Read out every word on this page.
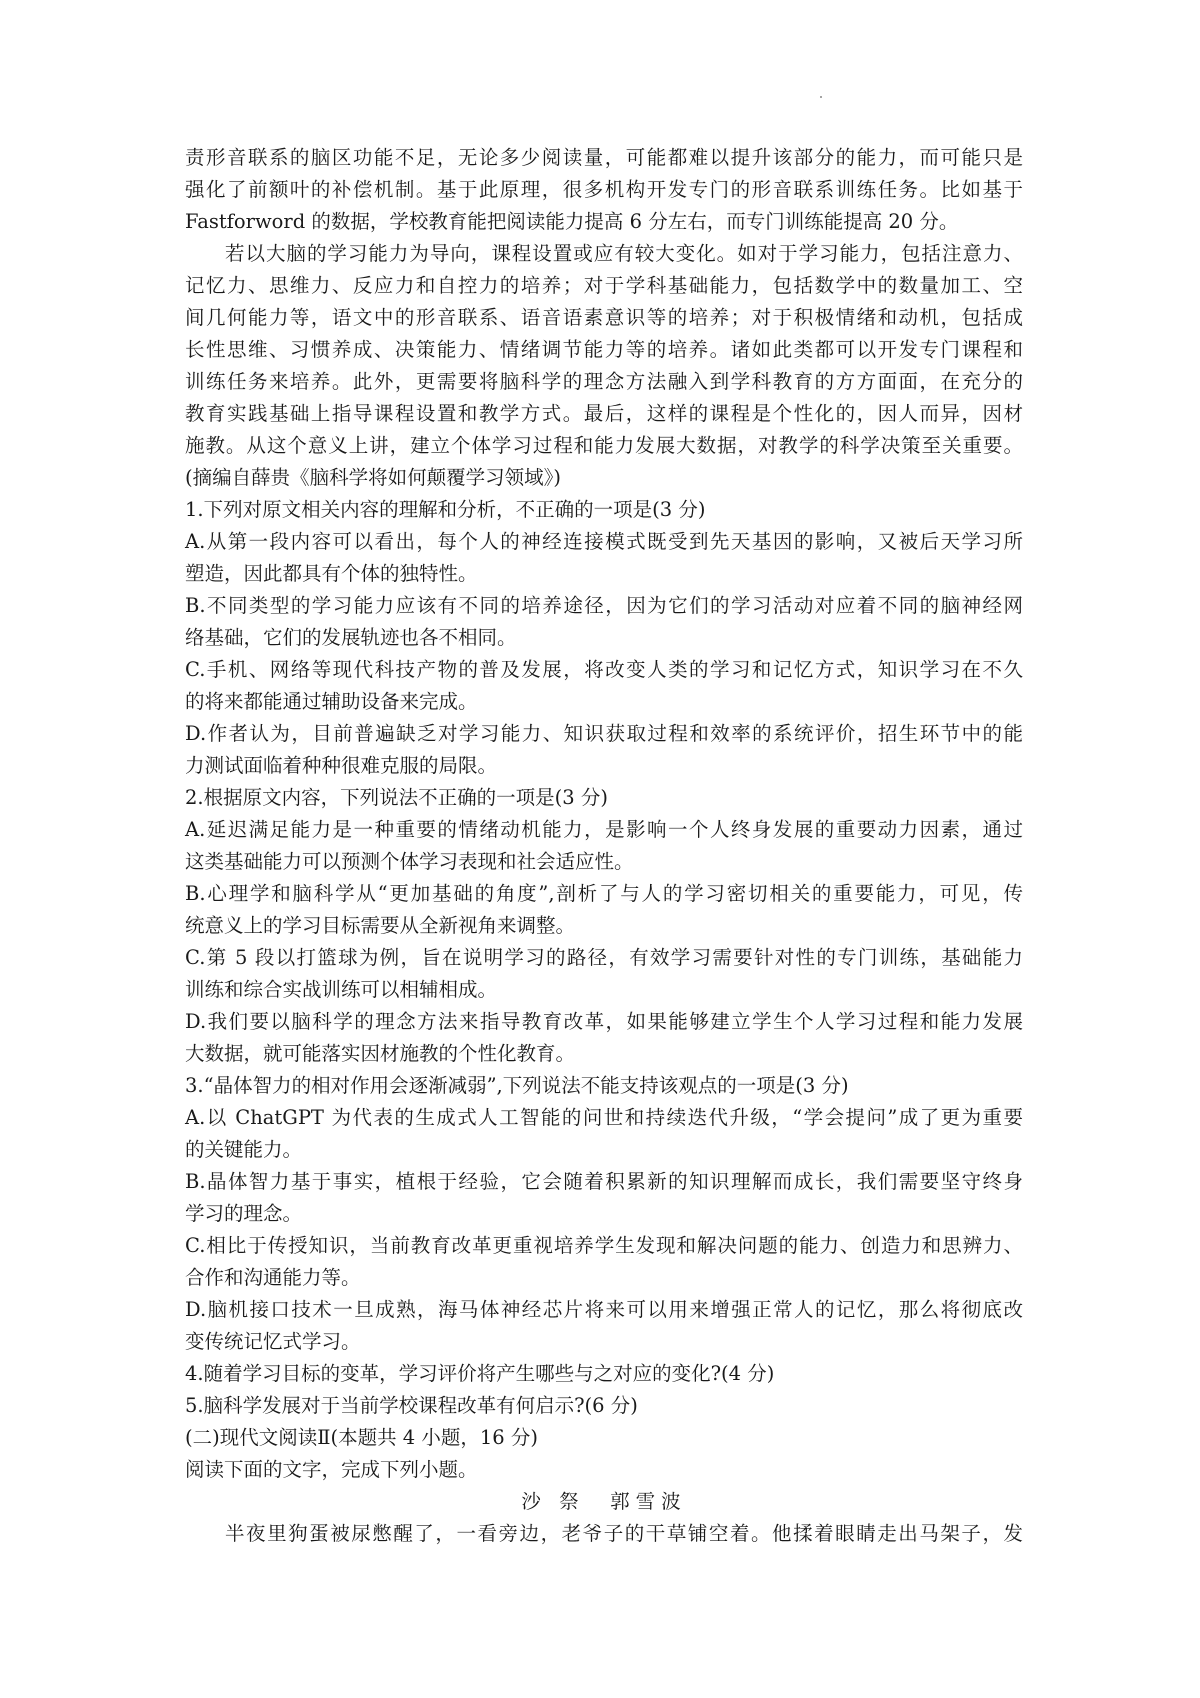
责形音联系的脑区功能不足，无论多少阅读量，可能都难以提升该部分的能力，而可能只是
强化了前额叶的补偿机制。基于此原理，很多机构开发专门的形音联系训练任务。比如基于
Fastforword 的数据，学校教育能把阅读能力提高 6 分左右，而专门训练能提高 20 分。
若以大脑的学习能力为导向，课程设置或应有较大变化。如对于学习能力，包括注意力、
记忆力、思维力、反应力和自控力的培养；对于学科基础能力，包括数学中的数量加工、空
间几何能力等，语文中的形音联系、语音语素意识等的培养；对于积极情绪和动机，包括成
长性思维、习惯养成、决策能力、情绪调节能力等的培养。诸如此类都可以开发专门课程和
训练任务来培养。此外，更需要将脑科学的理念方法融入到学科教育的方方面面，在充分的
教育实践基础上指导课程设置和教学方式。最后，这样的课程是个性化的，因人而异，因材
施教。从这个意义上讲，建立个体学习过程和能力发展大数据，对教学的科学决策至关重要。
(摘编自薛贵《脑科学将如何颠覆学习领域》)
1.下列对原文相关内容的理解和分析，不正确的一项是(3 分)
A.从第一段内容可以看出，每个人的神经连接模式既受到先天基因的影响，又被后天学习所
塑造，因此都具有个体的独特性。
B.不同类型的学习能力应该有不同的培养途径，因为它们的学习活动对应着不同的脑神经网
络基础，它们的发展轨迹也各不相同。
C.手机、网络等现代科技产物的普及发展，将改变人类的学习和记忆方式，知识学习在不久
的将来都能通过辅助设备来完成。
D.作者认为，目前普遍缺乏对学习能力、知识获取过程和效率的系统评价，招生环节中的能
力测试面临着种种很难克服的局限。
2.根据原文内容，下列说法不正确的一项是(3 分)
A.延迟满足能力是一种重要的情绪动机能力，是影响一个人终身发展的重要动力因素，通过
这类基础能力可以预测个体学习表现和社会适应性。
B.心理学和脑科学从“更加基础的角度”,剖析了与人的学习密切相关的重要能力，可见，传
统意义上的学习目标需要从全新视角来调整。
C.第 5 段以打篮球为例，旨在说明学习的路径，有效学习需要针对性的专门训练，基础能力
训练和综合实战训练可以相辅相成。
D.我们要以脑科学的理念方法来指导教育改革，如果能够建立学生个人学习过程和能力发展
大数据，就可能落实因材施教的个性化教育。
3.“晶体智力的相对作用会逐渐减弱”,下列说法不能支持该观点的一项是(3 分)
A.以 ChatGPT 为代表的生成式人工智能的问世和持续迭代升级，“学会提问”成了更为重要
的关键能力。
B.晶体智力基于事实，植根于经验，它会随着积累新的知识理解而成长，我们需要坚守终身
学习的理念。
C.相比于传授知识，当前教育改革更重视培养学生发现和解决问题的能力、创造力和思辨力、
合作和沟通能力等。
D.脑机接口技术一旦成熟，海马体神经芯片将来可以用来增强正常人的记忆，那么将彻底改
变传统记忆式学习。
4.随着学习目标的变革，学习评价将产生哪些与之对应的变化?(4 分)
5.脑科学发展对于当前学校课程改革有何启示?(6 分)
(二)现代文阅读Ⅱ(本题共 4 小题，16 分)
阅读下面的文字，完成下列小题。
沙 祭　郭雪波
半夜里狗蛋被尿憋醒了，一看旁边，老爷子的干草铺空着。他揉着眼睛走出马架子，发
